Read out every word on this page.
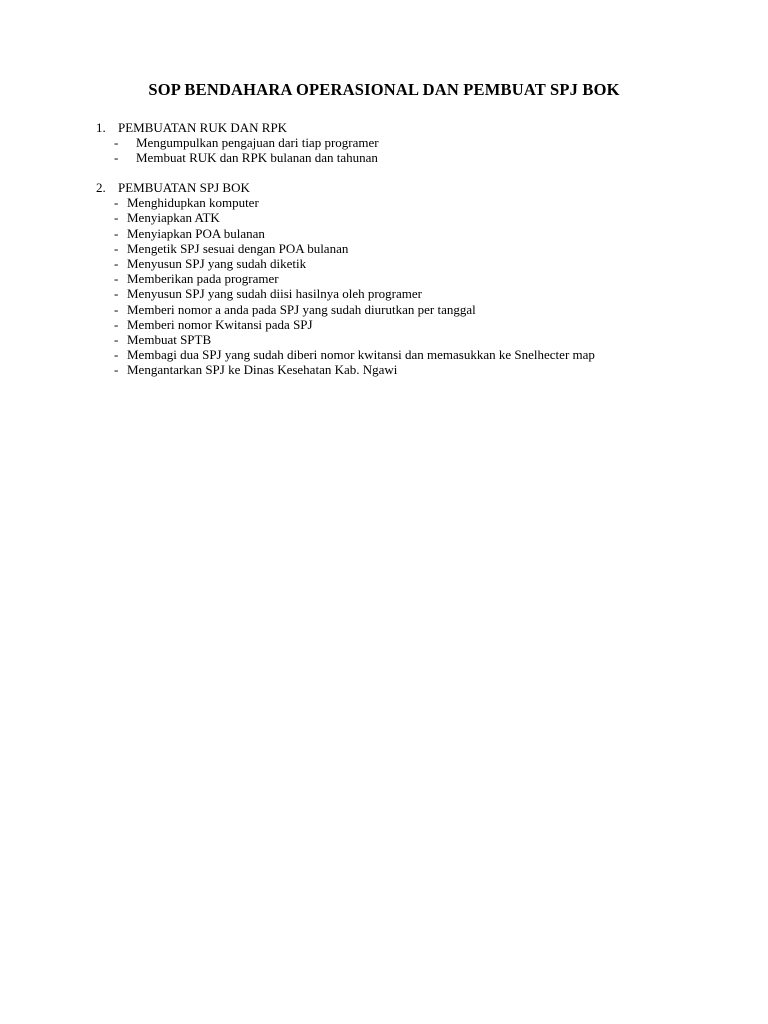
SOP BENDAHARA OPERASIONAL DAN PEMBUAT SPJ BOK
1. PEMBUATAN RUK DAN RPK
-	Mengumpulkan pengajuan dari tiap programer
-	Membuat RUK dan RPK bulanan dan tahunan
2. PEMBUATAN SPJ BOK
- Menghidupkan komputer
- Menyiapkan ATK
- Menyiapkan POA bulanan
- Mengetik SPJ sesuai dengan POA bulanan
- Menyusun SPJ yang sudah diketik
- Memberikan pada programer
- Menyusun SPJ yang sudah diisi hasilnya oleh programer
- Memberi nomor a anda pada SPJ yang sudah diurutkan per tanggal
- Memberi nomor Kwitansi pada SPJ
- Membuat SPTB
- Membagi dua SPJ yang sudah diberi nomor kwitansi dan memasukkan ke Snelhecter map
- Mengantarkan SPJ ke Dinas Kesehatan Kab. Ngawi
